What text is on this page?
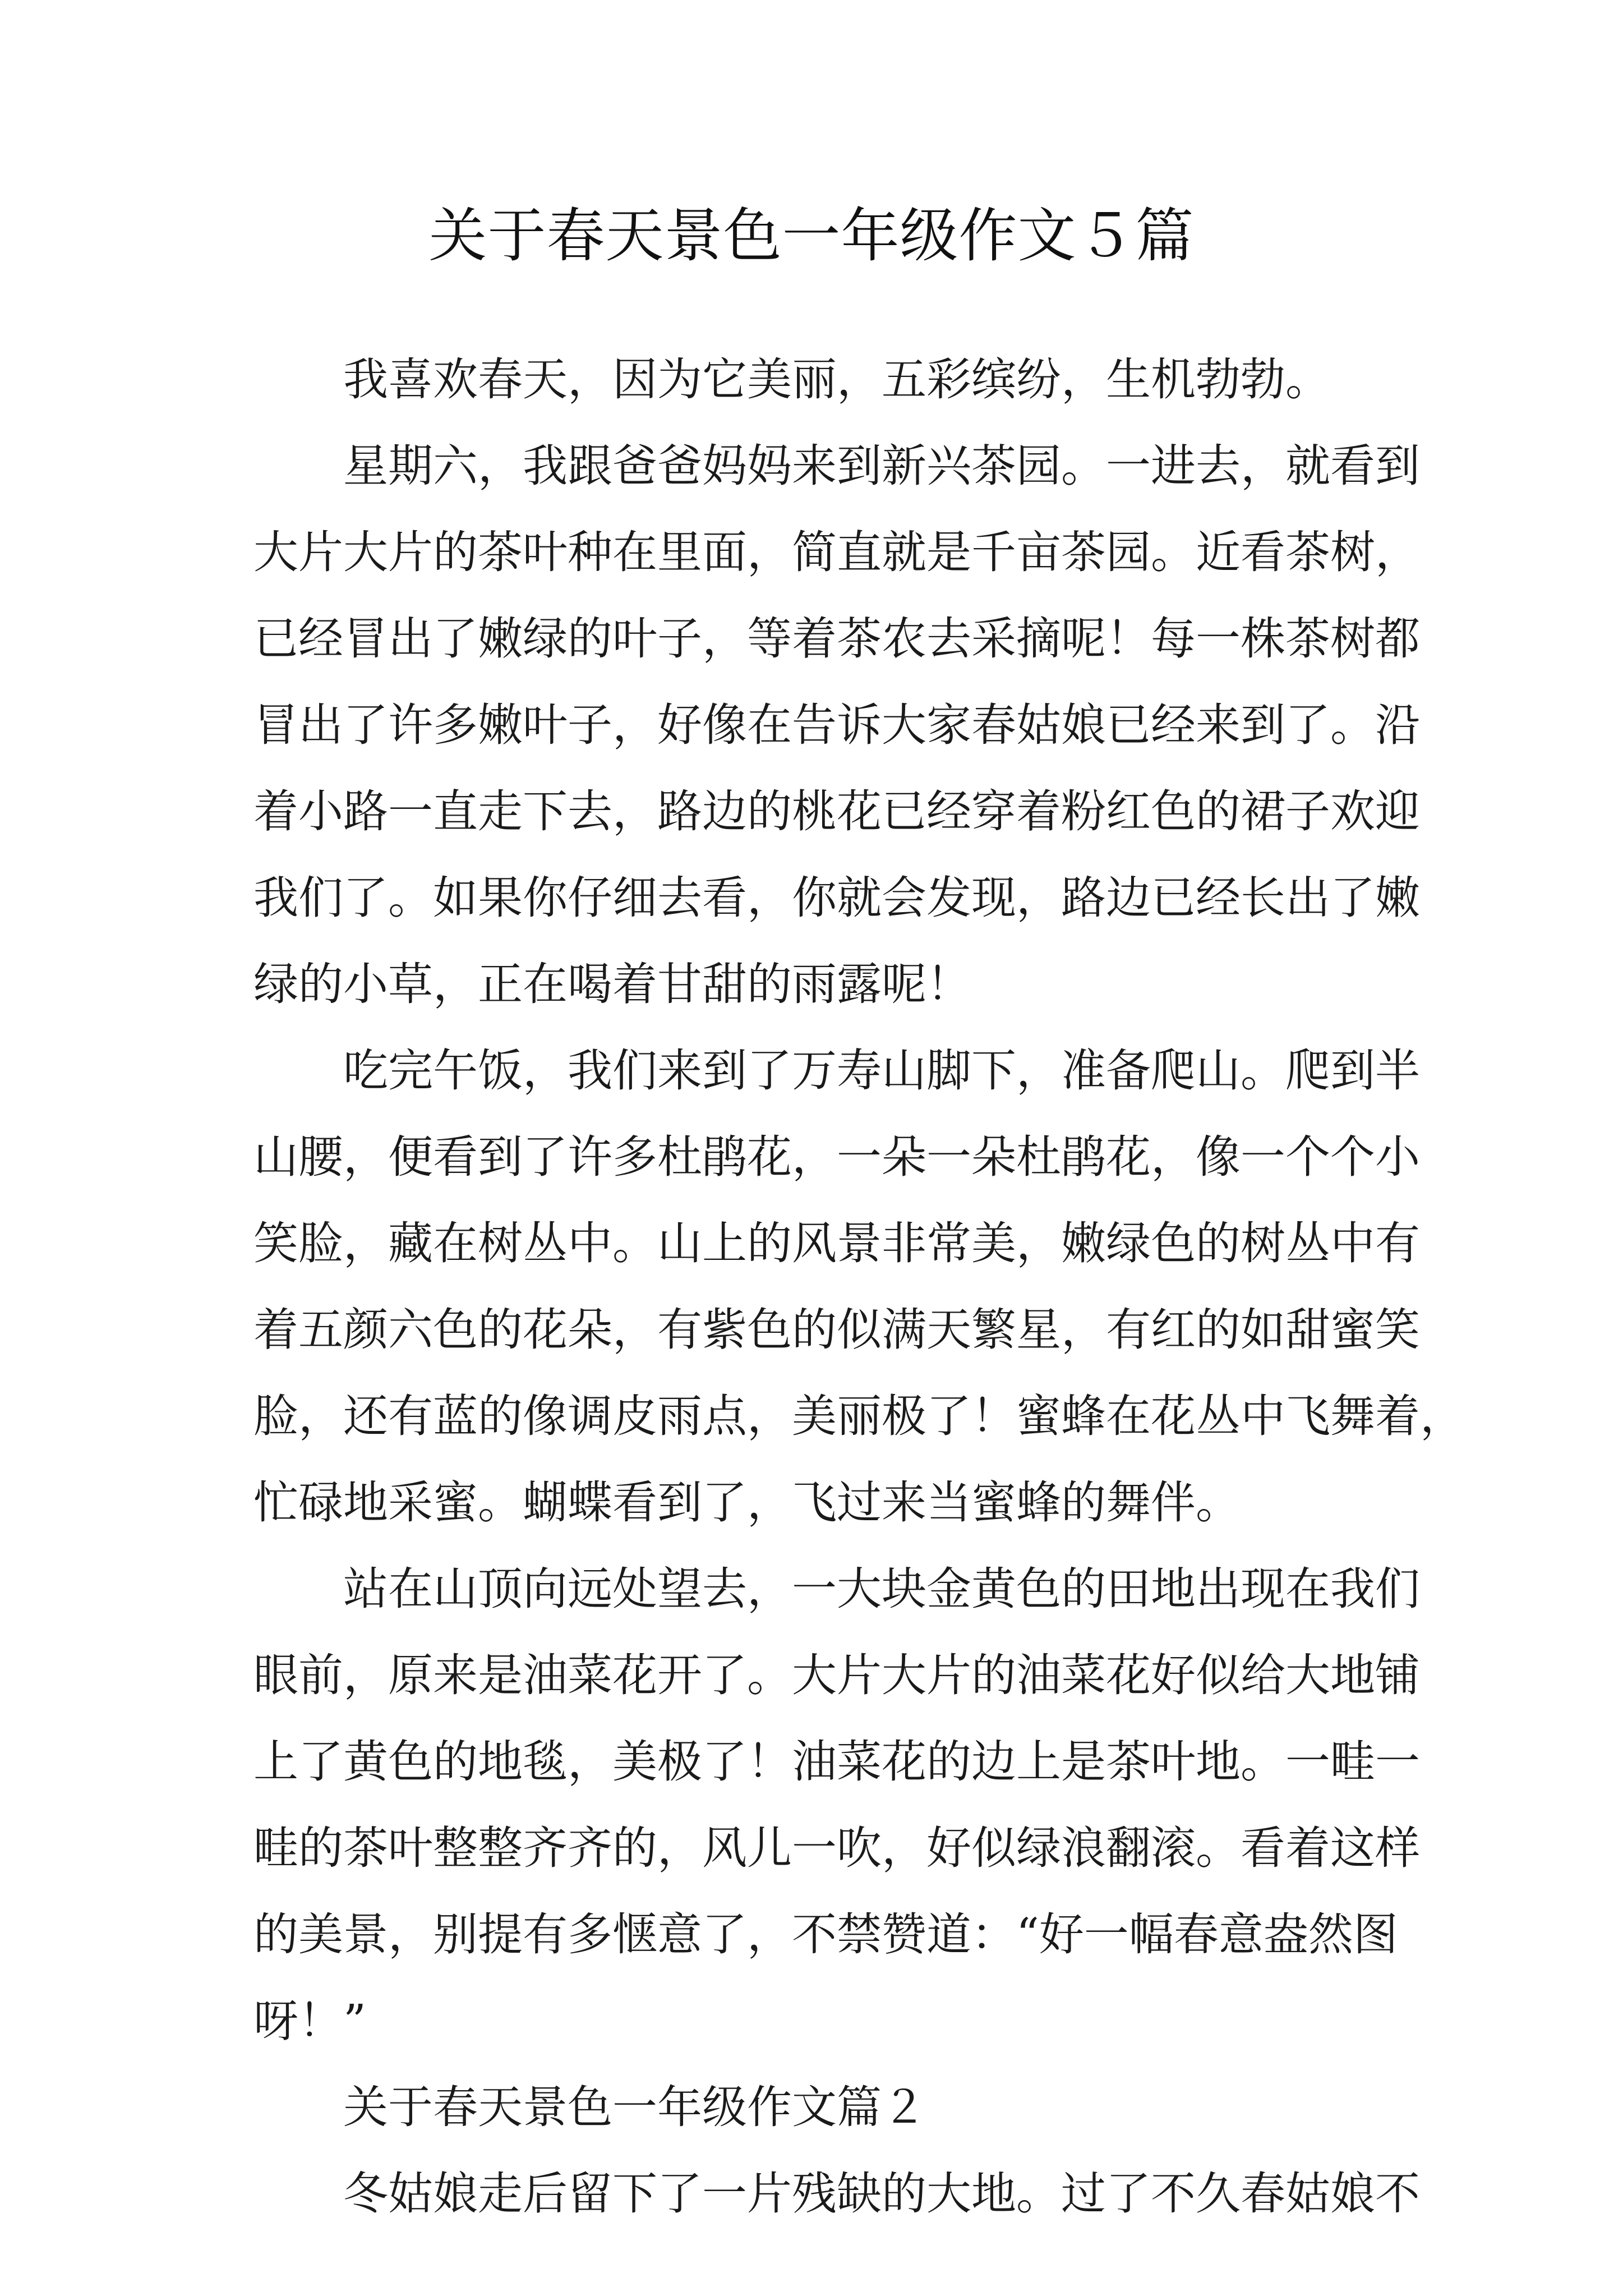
关于春天景色一年级作文５篇
我喜欢春天，因为它美丽，五彩缤纷，生机勃勃。
星期六，我跟爸爸妈妈来到新兴茶园。一进去，就看到
大片大片的茶叶种在里面，简直就是千亩茶园。近看茶树，
已经冒出了嫩绿的叶子，等着茶农去采摘呢！每一株茶树都
冒出了许多嫩叶子，好像在告诉大家春姑娘已经来到了。沿
着小路一直走下去，路边的桃花已经穿着粉红色的裙子欢迎
我们了。如果你仔细去看，你就会发现，路边已经长出了嫩
绿的小草，正在喝着甘甜的雨露呢！
吃完午饭，我们来到了万寿山脚下，准备爬山。爬到半
山腰，便看到了许多杜鹃花，一朵一朵杜鹃花，像一个个小
笑脸，藏在树丛中。山上的风景非常美，嫩绿色的树丛中有
着五颜六色的花朵，有紫色的似满天繁星，有红的如甜蜜笑
脸，还有蓝的像调皮雨点，美丽极了！蜜蜂在花丛中飞舞着，
忙碌地采蜜。蝴蝶看到了，飞过来当蜜蜂的舞伴。
站在山顶向远处望去，一大块金黄色的田地出现在我们
眼前，原来是油菜花开了。大片大片的油菜花好似给大地铺
上了黄色的地毯，美极了！油菜花的边上是茶叶地。一畦一
畦的茶叶整整齐齐的，风儿一吹，好似绿浪翻滚。看着这样
的美景，别提有多惬意了，不禁赞道：“好一幅春意盎然图
呀！”
关于春天景色一年级作文篇２
冬姑娘走后留下了一片残缺的大地。过了不久春姑娘不
